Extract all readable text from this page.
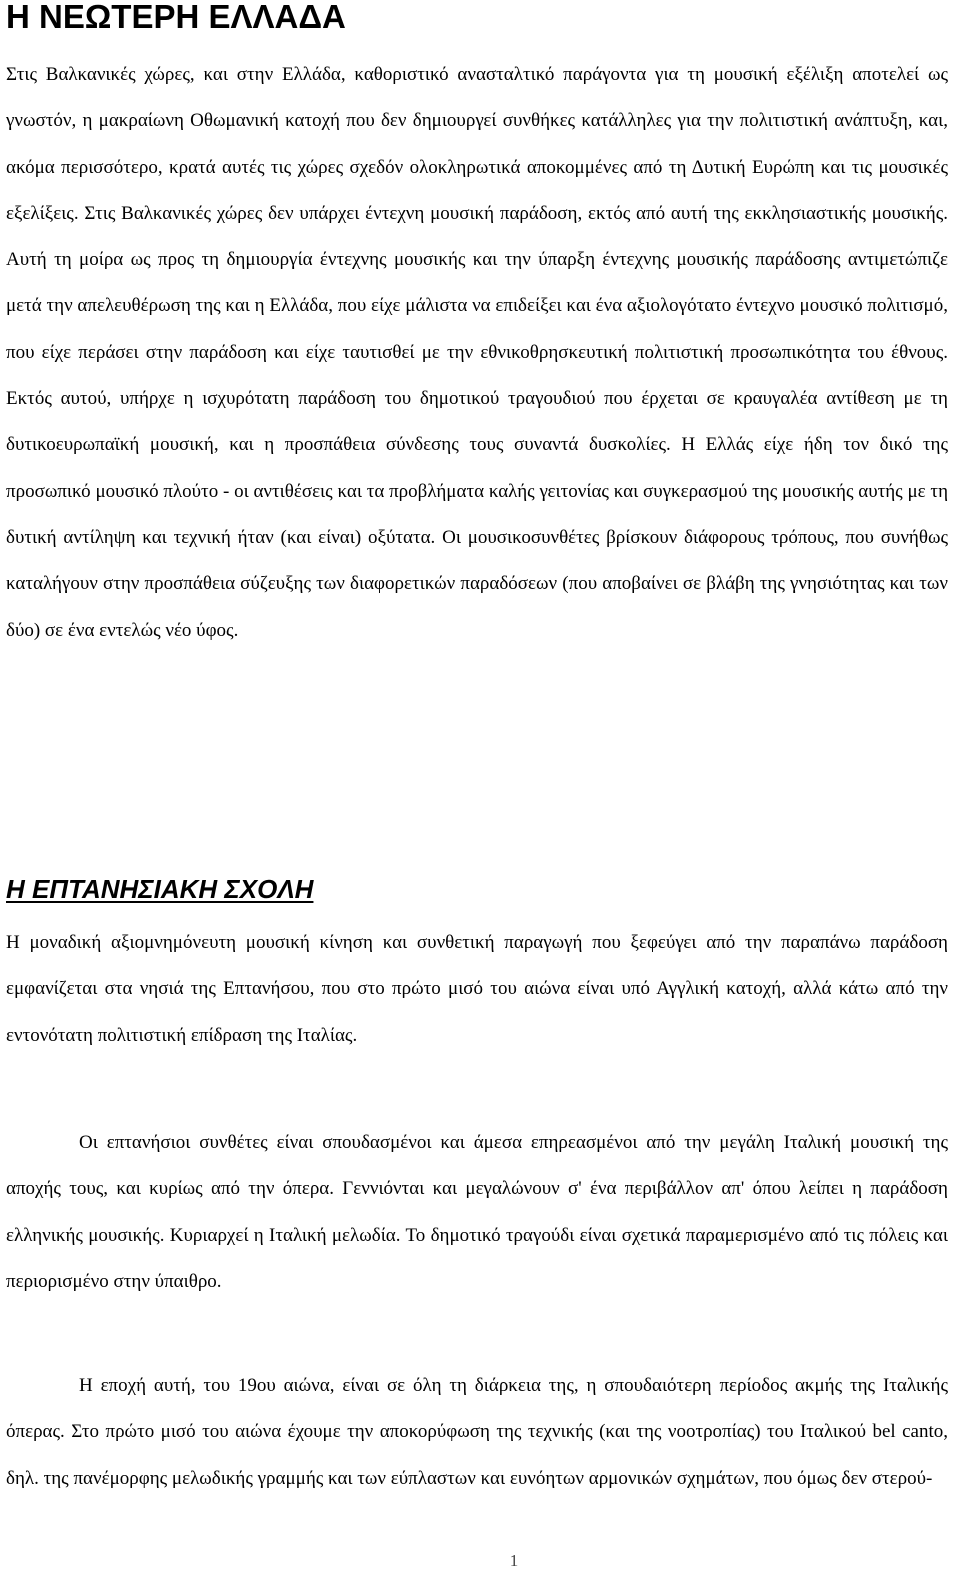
Η ΝΕΩΤΕΡΗ ΕΛΛΑΔΑ

Στις Βαλκανικές χώρες, και στην Ελλάδα, καθοριστικό ανασταλτικό παράγοντα για τη μουσική εξέλιξη αποτελεί ως γνωστόν, η μακραίωνη Οθωμανική κατοχή που δεν δημιουργεί συνθήκες κατάλληλες για την πολιτιστική ανάπτυξη, και, ακόμα περισσότερο, κρατά αυτές τις χώρες σχεδόν ολοκληρωτικά αποκομμένες από τη Δυτική Ευρώπη και τις μουσικές εξελίξεις. Στις Βαλκανικές χώρες δεν υπάρχει έντεχνη μουσική παράδοση, εκτός από αυτή της εκκλησιαστικής μουσικής. Αυτή τη μοίρα ως προς τη δημιουργία έντεχνης μουσικής και την ύπαρξη έντεχνης μουσικής παράδοσης αντιμετώπιζε μετά την απελευθέρωση της και η Ελλάδα, που είχε μάλιστα να επιδείξει και ένα αξιολογότατο έντεχνο μουσικό πολιτισμό, που είχε περάσει στην παράδοση και είχε ταυτισθεί με την εθνικοθρησκευτική πολιτιστική προσωπικότητα του έθνους. Εκτός αυτού, υπήρχε η ισχυρότατη παράδοση του δημοτικού τραγουδιού που έρχεται σε κραυγαλέα αντίθεση με τη δυτικοευρωπαϊκή μουσική, και η προσπάθεια σύνδεσης τους συναντά δυσκολίες. Η Ελλάς είχε ήδη τον δικό της προσωπικό μουσικό πλούτο - οι αντιθέσεις και τα προβλήματα καλής γειτονίας και συγκερασμού της μουσικής αυτής με τη δυτική αντίληψη και τεχνική ήταν (και είναι) οξύτατα. Οι μουσικοσυνθέτες βρίσκουν διάφορους τρόπους, που συνήθως καταλήγουν στην προσπάθεια σύζευξης των διαφορετικών παραδόσεων (που αποβαίνει σε βλάβη της γνησιότητας και των δύο) σε ένα εντελώς νέο ύφος.

Η ΕΠΤΑΝΗΣΙΑΚΗ ΣΧΟΛΗ

Η μοναδική αξιομνημόνευτη μουσική κίνηση και συνθετική παραγωγή που ξεφεύγει από την παραπάνω παράδοση εμφανίζεται στα νησιά της Επτανήσου, που στο πρώτο μισό του αιώνα είναι υπό Αγγλική κατοχή, αλλά κάτω από την εντονότατη πολιτιστική επίδραση της Ιταλίας.

Οι επτανήσιοι συνθέτες είναι σπουδασμένοι και άμεσα επηρεασμένοι από την μεγάλη Ιταλική μουσική της αποχής τους, και κυρίως από την όπερα. Γεννιόνται και μεγαλώνουν σ' ένα περιβάλλον απ' όπου λείπει η παράδοση ελληνικής μουσικής. Κυριαρχεί η Ιταλική μελωδία. Το δημοτικό τραγούδι είναι σχετικά παραμερισμένο από τις πόλεις και περιορισμένο στην ύπαιθρο.

Η εποχή αυτή, του 19ου αιώνα, είναι σε όλη τη διάρκεια της, η σπουδαιότερη περίοδος ακμής της Ιταλικής όπερας. Στο πρώτο μισό του αιώνα έχουμε την αποκορύφωση της τεχνικής (και της νοοτροπίας) του Ιταλικού bel canto, δηλ. της πανέμορφης μελωδικής γραμμής και των εύπλαστων και ευνόητων αρμονικών σχημάτων, που όμως δεν στερού-

1
